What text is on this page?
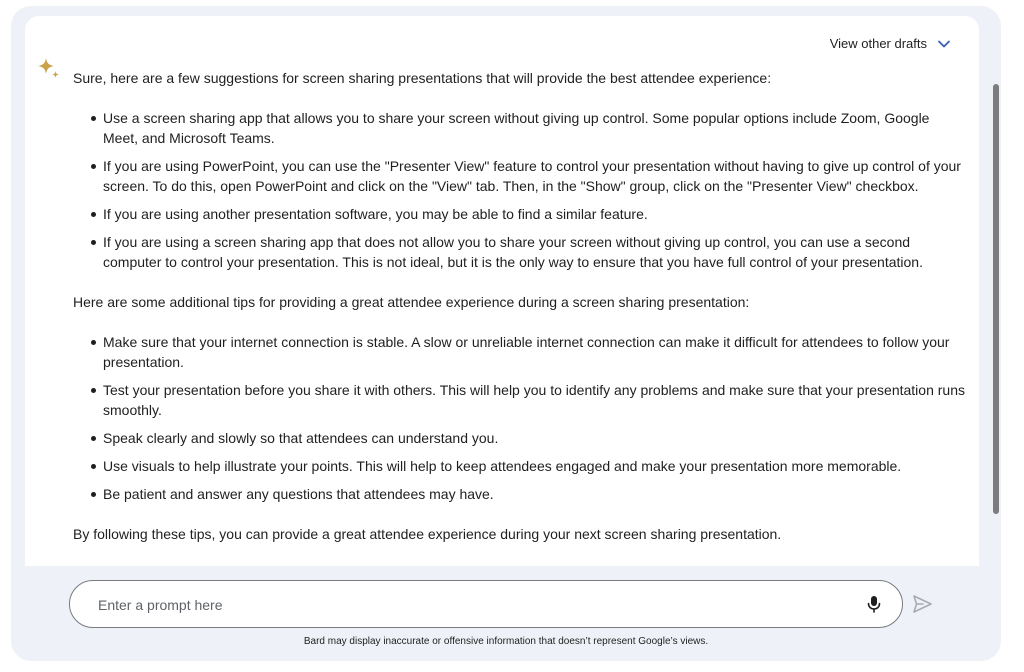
View other drafts

Sure, here are a few suggestions for screen sharing presentations that will provide the best attendee experience:

Use a screen sharing app that allows you to share your screen without giving up control. Some popular options include Zoom, Google Meet, and Microsoft Teams.
If you are using PowerPoint, you can use the "Presenter View" feature to control your presentation without having to give up control of your screen. To do this, open PowerPoint and click on the "View" tab. Then, in the "Show" group, click on the "Presenter View" checkbox.
If you are using another presentation software, you may be able to find a similar feature.
If you are using a screen sharing app that does not allow you to share your screen without giving up control, you can use a second computer to control your presentation. This is not ideal, but it is the only way to ensure that you have full control of your presentation.

Here are some additional tips for providing a great attendee experience during a screen sharing presentation:

Make sure that your internet connection is stable. A slow or unreliable internet connection can make it difficult for attendees to follow your presentation.
Test your presentation before you share it with others. This will help you to identify any problems and make sure that your presentation runs smoothly.
Speak clearly and slowly so that attendees can understand you.
Use visuals to help illustrate your points. This will help to keep attendees engaged and make your presentation more memorable.
Be patient and answer any questions that attendees may have.

By following these tips, you can provide a great attendee experience during your next screen sharing presentation.

Enter a prompt here
Bard may display inaccurate or offensive information that doesn’t represent Google’s views.
